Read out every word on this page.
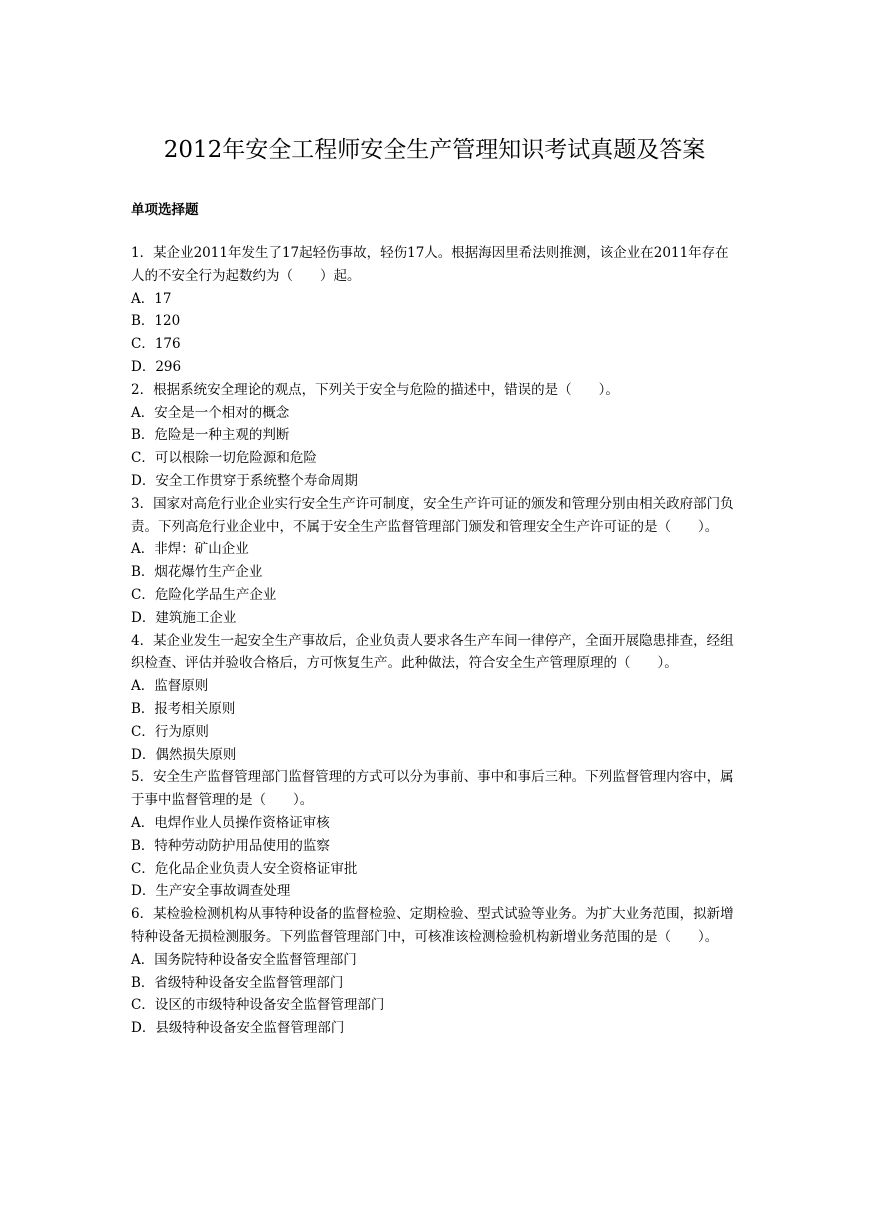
2012年安全工程师安全生产管理知识考试真题及答案
单项选择题

1．某企业2011年发生了17起轻伤事故，轻伤17人。根据海因里希法则推测，该企业在2011年存在人的不安全行为起数约为（　　）起。

A．17

B．120

C．176

D．296

2．根据系统安全理论的观点，下列关于安全与危险的描述中，错误的是（　　）。

A．安全是一个相对的概念

B．危险是一种主观的判断

C．可以根除一切危险源和危险

D．安全工作贯穿于系统整个寿命周期

3．国家对高危行业企业实行安全生产许可制度，安全生产许可证的颁发和管理分别由相关政府部门负责。下列高危行业企业中，不属于安全生产监督管理部门颁发和管理安全生产许可证的是（　　）。

A．非焊：矿山企业

B．烟花爆竹生产企业

C．危险化学品生产企业

D．建筑施工企业

4．某企业发生一起安全生产事故后，企业负责人要求各生产车间一律停产，全面开展隐患排查，经组织检查、评估并验收合格后，方可恢复生产。此种做法，符合安全生产管理原理的（　　）。

A．监督原则

B．报考相关原则

C．行为原则

D．偶然损失原则

5．安全生产监督管理部门监督管理的方式可以分为事前、事中和事后三种。下列监督管理内容中，属于事中监督管理的是（　　）。

A．电焊作业人员操作资格证审核

B．特种劳动防护用品使用的监察

C．危化品企业负责人安全资格证审批

D．生产安全事故调查处理

6．某检验检测机构从事特种设备的监督检验、定期检验、型式试验等业务。为扩大业务范围，拟新增特种设备无损检测服务。下列监督管理部门中，可核准该检测检验机构新增业务范围的是（　　）。

A．国务院特种设备安全监督管理部门

B．省级特种设备安全监督管理部门

C．设区的市级特种设备安全监督管理部门

D．县级特种设备安全监督管理部门
